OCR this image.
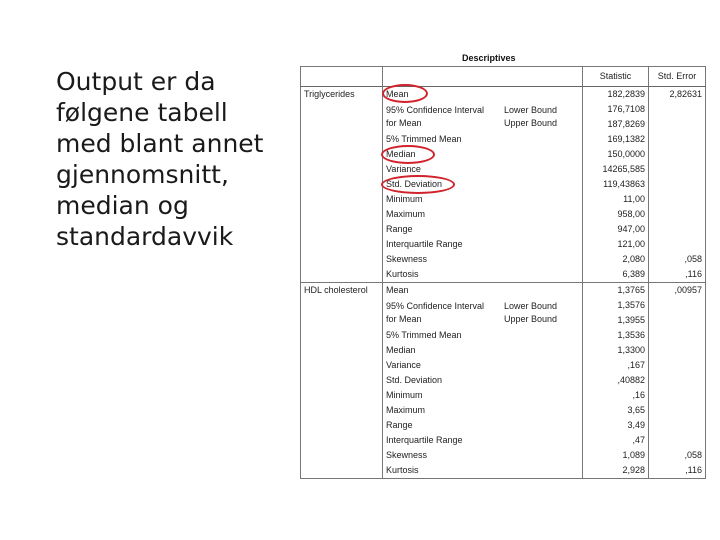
Output er da
følgene tabell
med blant annet
gjennomsnitt,
median og
standardavvik
Descriptives
			Statistic	Std. Error
Triglycerides	Mean		182,2839	2,82631
	95% Confidence Interval	Lower Bound	176,7108	
	for Mean	Upper Bound	187,8269	
	5% Trimmed Mean		169,1382	
	Median		150,0000	
	Variance		14265,585	
	Std. Deviation		119,43863	
	Minimum		11,00	
	Maximum		958,00	
	Range		947,00	
	Interquartile Range		121,00	
	Skewness		2,080	,058
	Kurtosis		6,389	,116
HDL cholesterol	Mean		1,3765	,00957
	95% Confidence Interval	Lower Bound	1,3576	
	for Mean	Upper Bound	1,3955	
	5% Trimmed Mean		1,3536	
	Median		1,3300	
	Variance		,167	
	Std. Deviation		,40882	
	Minimum		,16	
	Maximum		3,65	
	Range		3,49	
	Interquartile Range		,47	
	Skewness		1,089	,058
	Kurtosis		2,928	,116
